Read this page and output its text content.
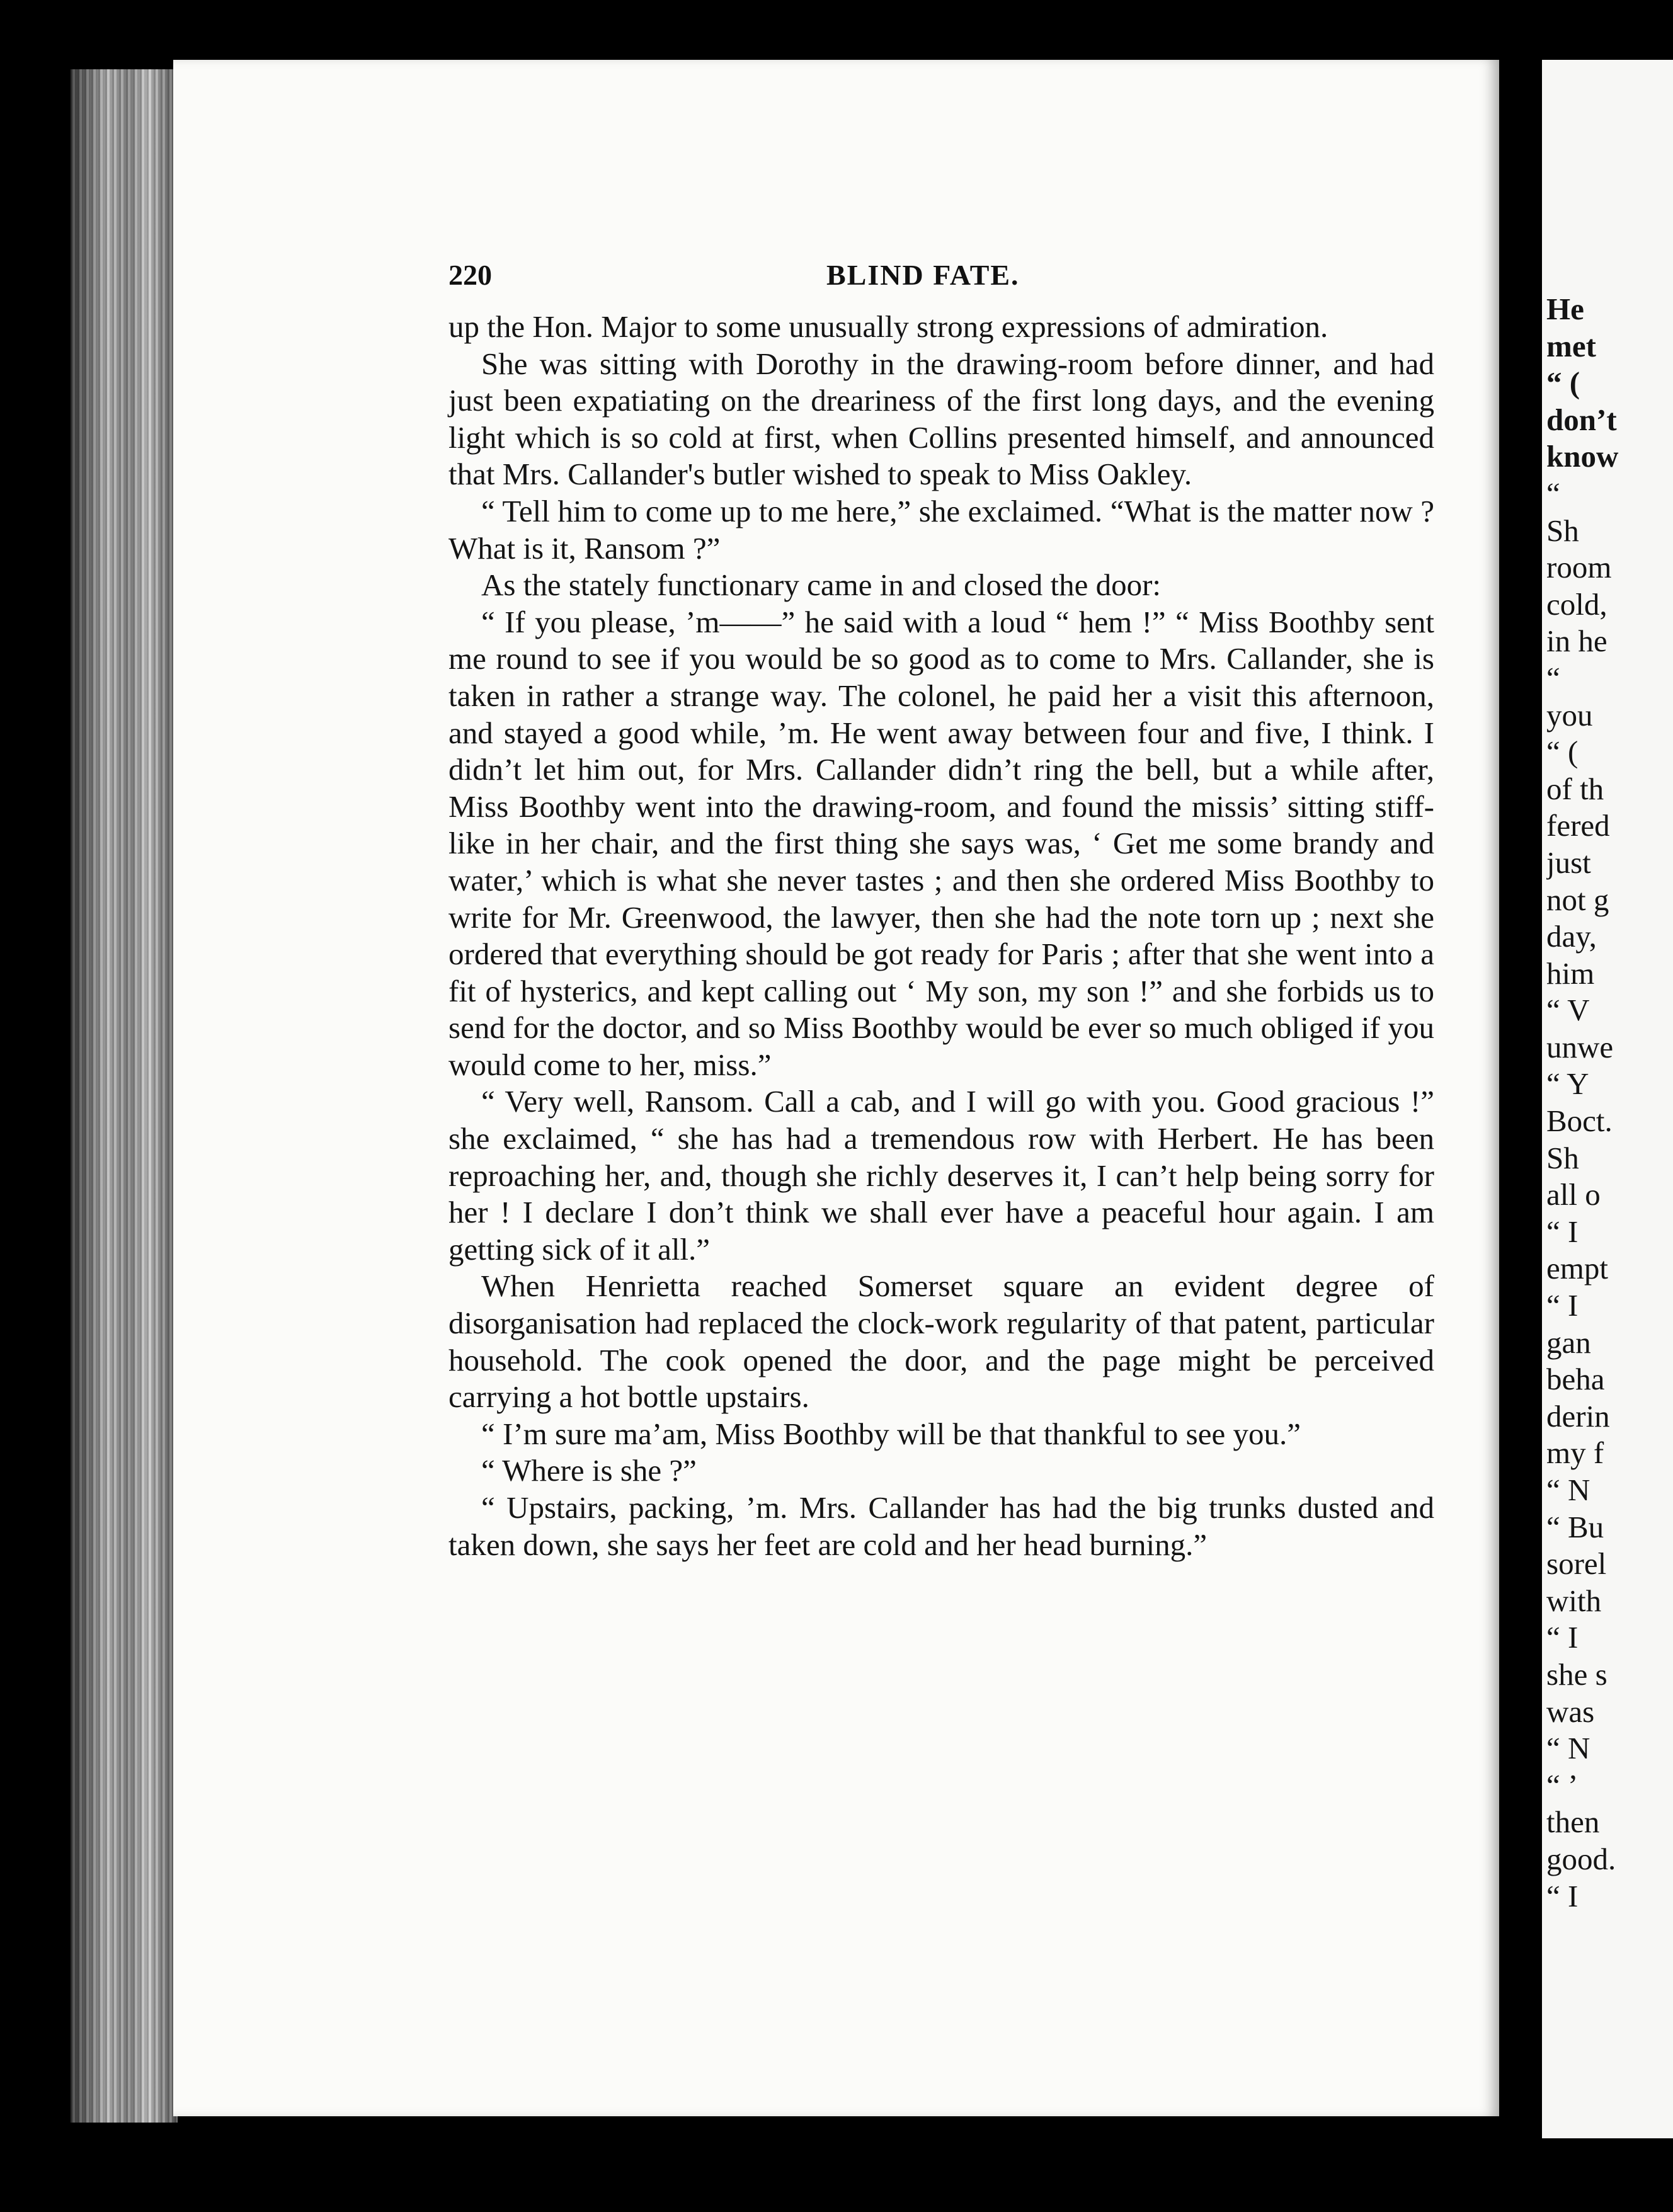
220	BLIND FATE.

up the Hon. Major to some unusually strong expressions of admiration.

She was sitting with Dorothy in the drawing-room before dinner, and had just been expatiating on the dreariness of the first long days, and the evening light which is so cold at first, when Collins presented himself, and announced that Mrs. Callander's butler wished to speak to Miss Oakley.

“ Tell him to come up to me here,” she exclaimed. “What is the matter now ? What is it, Ransom ?”

As the stately functionary came in and closed the door:

“ If you please, ’m——” he said with a loud “ hem !” “ Miss Boothby sent me round to see if you would be so good as to come to Mrs. Callander, she is taken in rather a strange way. The colonel, he paid her a visit this afternoon, and stayed a good while, ’m. He went away between four and five, I think. I didn’t let him out, for Mrs. Callander didn’t ring the bell, but a while after, Miss Boothby went into the drawing-room, and found the missis’ sitting stiff-like in her chair, and the first thing she says was, ‘ Get me some brandy and water,’ which is what she never tastes ; and then she ordered Miss Boothby to write for Mr. Greenwood, the lawyer, then she had the note torn up ; next she ordered that everything should be got ready for Paris ; after that she went into a fit of hysterics, and kept calling out ‘ My son, my son !” and she forbids us to send for the doctor, and so Miss Boothby would be ever so much obliged if you would come to her, miss.”

“ Very well, Ransom. Call a cab, and I will go with you. Good gracious !” she exclaimed, “ she has had a tremendous row with Herbert. He has been reproaching her, and, though she richly deserves it, I can’t help being sorry for her ! I declare I don’t think we shall ever have a peaceful hour again. I am getting sick of it all.”

When Henrietta reached Somerset square an evident degree of disorganisation had replaced the clock-work regularity of that patent, particular household. The cook opened the door, and the page might be perceived carrying a hot bottle upstairs.

“ I’m sure ma’am, Miss Boothby will be that thankful to see you.”

“ Where is she ?”

“ Upstairs, packing, ’m. Mrs. Callander has had the big trunks dusted and taken down, she says her feet are cold and her head burning.”

He
met
“ (
don’t
know
“
Sh
room
cold,
in he
“
you
“ (
of th
fered
just
not g
day,
him
“ V
unwe
“ Y
Boct.
Sh
all o
“ I
empt
“ I
gan
beha
derin
my f
“ N
“ Bu
sorel
with
“ I
she s
was
“ N
“ ’
then
good.
“ I
